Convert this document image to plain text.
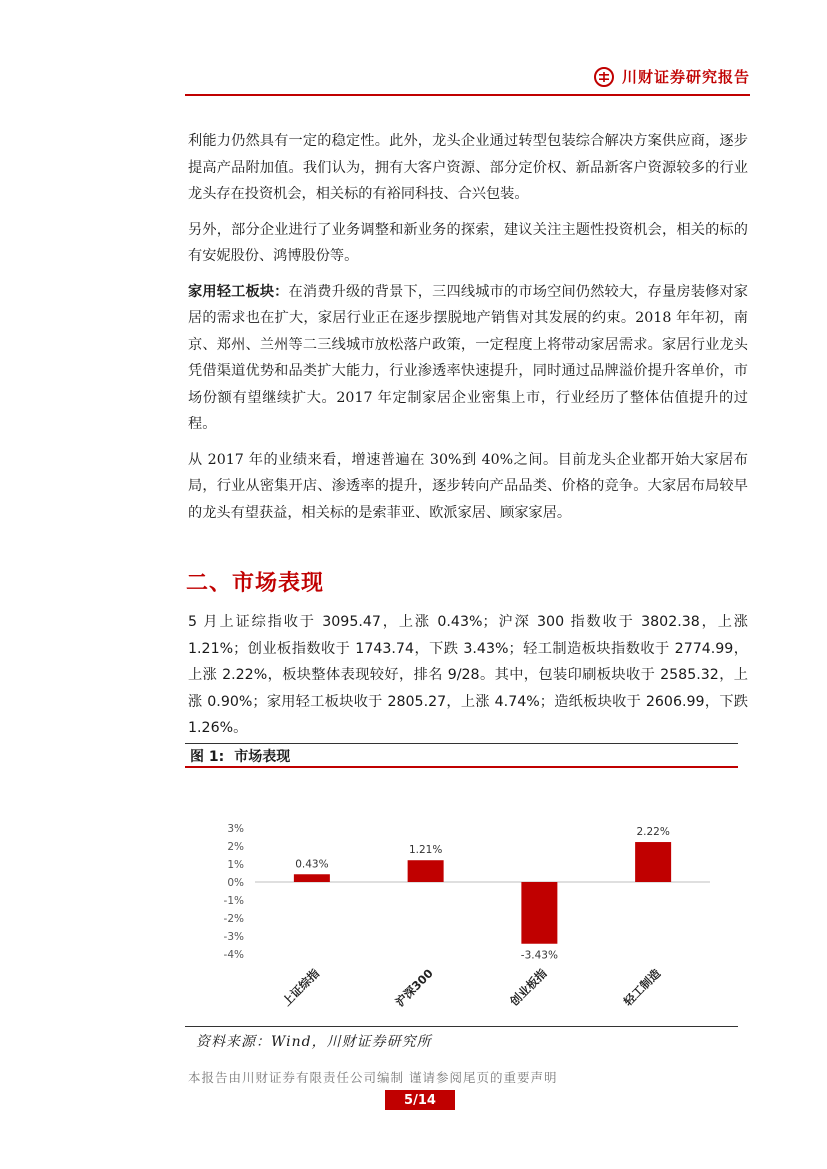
川财证券研究报告

利能力仍然具有一定的稳定性。此外，龙头企业通过转型包装综合解决方案供应商，逐步提高产品附加值。我们认为，拥有大客户资源、部分定价权、新品新客户资源较多的行业龙头存在投资机会，相关标的有裕同科技、合兴包装。

另外，部分企业进行了业务调整和新业务的探索，建议关注主题性投资机会，相关的标的有安妮股份、鸿博股份等。

家用轻工板块：在消费升级的背景下，三四线城市的市场空间仍然较大，存量房装修对家居的需求也在扩大，家居行业正在逐步摆脱地产销售对其发展的约束。2018 年年初，南京、郑州、兰州等二三线城市放松落户政策，一定程度上将带动家居需求。家居行业龙头凭借渠道优势和品类扩大能力，行业渗透率快速提升，同时通过品牌溢价提升客单价，市场份额有望继续扩大。2017 年定制家居企业密集上市，行业经历了整体估值提升的过程。

从 2017 年的业绩来看，增速普遍在 30%到 40%之间。目前龙头企业都开始大家居布局，行业从密集开店、渗透率的提升，逐步转向产品品类、价格的竞争。大家居布局较早的龙头有望获益，相关标的是索菲亚、欧派家居、顾家家居。

二、市场表现
5 月上证综指收于 3095.47，上涨 0.43%；沪深 300 指数收于 3802.38，上涨 1.21%；创业板指数收于 1743.74，下跌 3.43%；轻工制造板块指数收于 2774.99，上涨 2.22%，板块整体表现较好，排名 9/28。其中，包装印刷板块收于 2585.32，上涨 0.90%；家用轻工板块收于 2805.27，上涨 4.74%；造纸板块收于 2606.99，下跌 1.26%。
图 1: 市场表现
3%
2%
1%
0%
-1%
-2%
-3%
-4%
0.43%
上证综指
1.21%
沪深300
-3.43%
创业板指
2.22%
轻工制造
资料来源：Wind，川财证券研究所
本报告由川财证券有限责任公司编制 谨请参阅尾页的重要声明
5/14
